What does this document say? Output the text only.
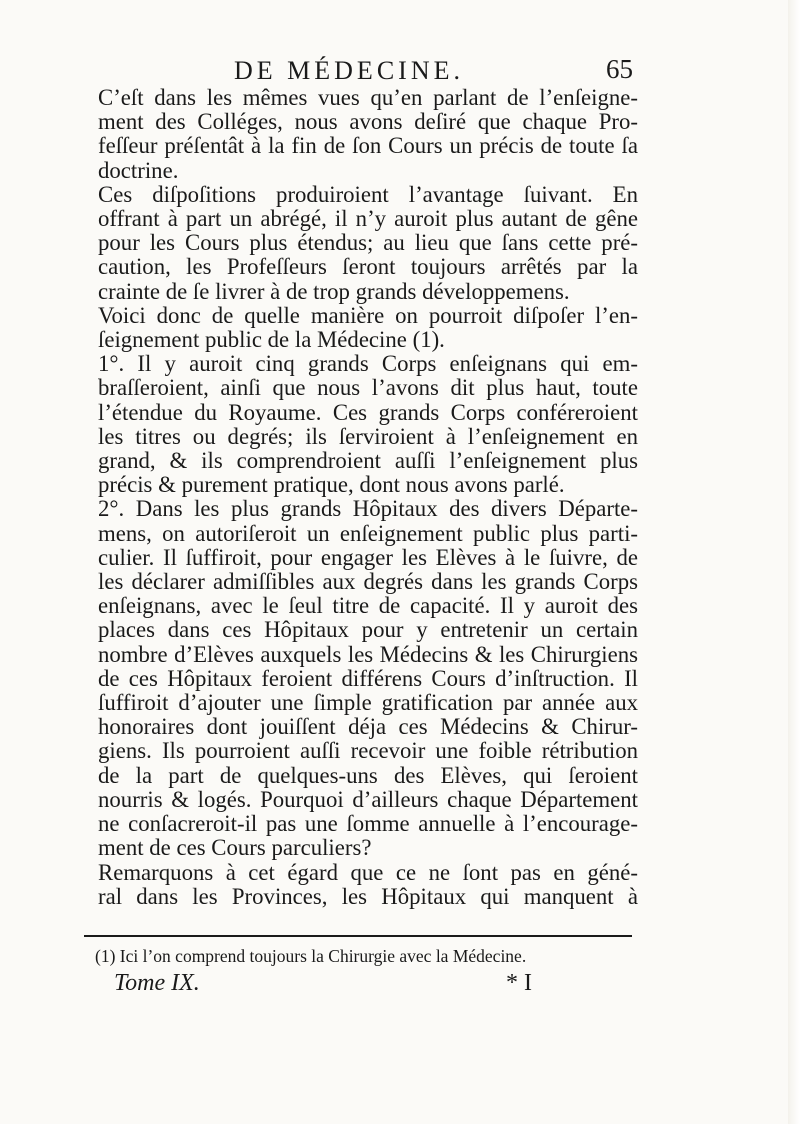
DE MÉDECINE.	65

C’eſt dans les mêmes vues qu’en parlant de l’enſeigne-
ment des Colléges, nous avons deſiré que chaque Pro-
feſſeur préſentât à la fin de ſon Cours un précis de toute ſa
doctrine.

Ces diſpoſitions produiroient l’avantage ſuivant. En
offrant à part un abrégé, il n’y auroit plus autant de gêne
pour les Cours plus étendus; au lieu que ſans cette pré-
caution, les Profeſſeurs ſeront toujours arrêtés par la
crainte de ſe livrer à de trop grands développemens.

Voici donc de quelle manière on pourroit diſpoſer l’en-
ſeignement public de la Médecine (1).

1°. Il y auroit cinq grands Corps enſeignans qui em-
braſſeroient, ainſi que nous l’avons dit plus haut, toute
l’étendue du Royaume. Ces grands Corps conféreroient
les titres ou degrés; ils ſerviroient à l’enſeignement en
grand, & ils comprendroient auſſi l’enſeignement plus
précis & purement pratique, dont nous avons parlé.

2°. Dans les plus grands Hôpitaux des divers Départe-
mens, on autoriſeroit un enſeignement public plus parti-
culier. Il ſuffiroit, pour engager les Elèves à le ſuivre, de
les déclarer admiſſibles aux degrés dans les grands Corps
enſeignans, avec le ſeul titre de capacité. Il y auroit des
places dans ces Hôpitaux pour y entretenir un certain
nombre d’Elèves auxquels les Médecins & les Chirurgiens
de ces Hôpitaux feroient différens Cours d’inſtruction. Il
ſuffiroit d’ajouter une ſimple gratification par année aux
honoraires dont jouiſſent déja ces Médecins & Chirur-
giens. Ils pourroient auſſi recevoir une foible rétribution
de la part de quelques-uns des Elèves, qui ſeroient
nourris & logés. Pourquoi d’ailleurs chaque Département
ne conſacreroit-il pas une ſomme annuelle à l’encourage-
ment de ces Cours parculiers?

Remarquons à cet égard que ce ne ſont pas en géné-
ral dans les Provinces, les Hôpitaux qui manquent à

(1) Ici l’on comprend toujours la Chirurgie avec la Médecine.
Tome IX.	* I
